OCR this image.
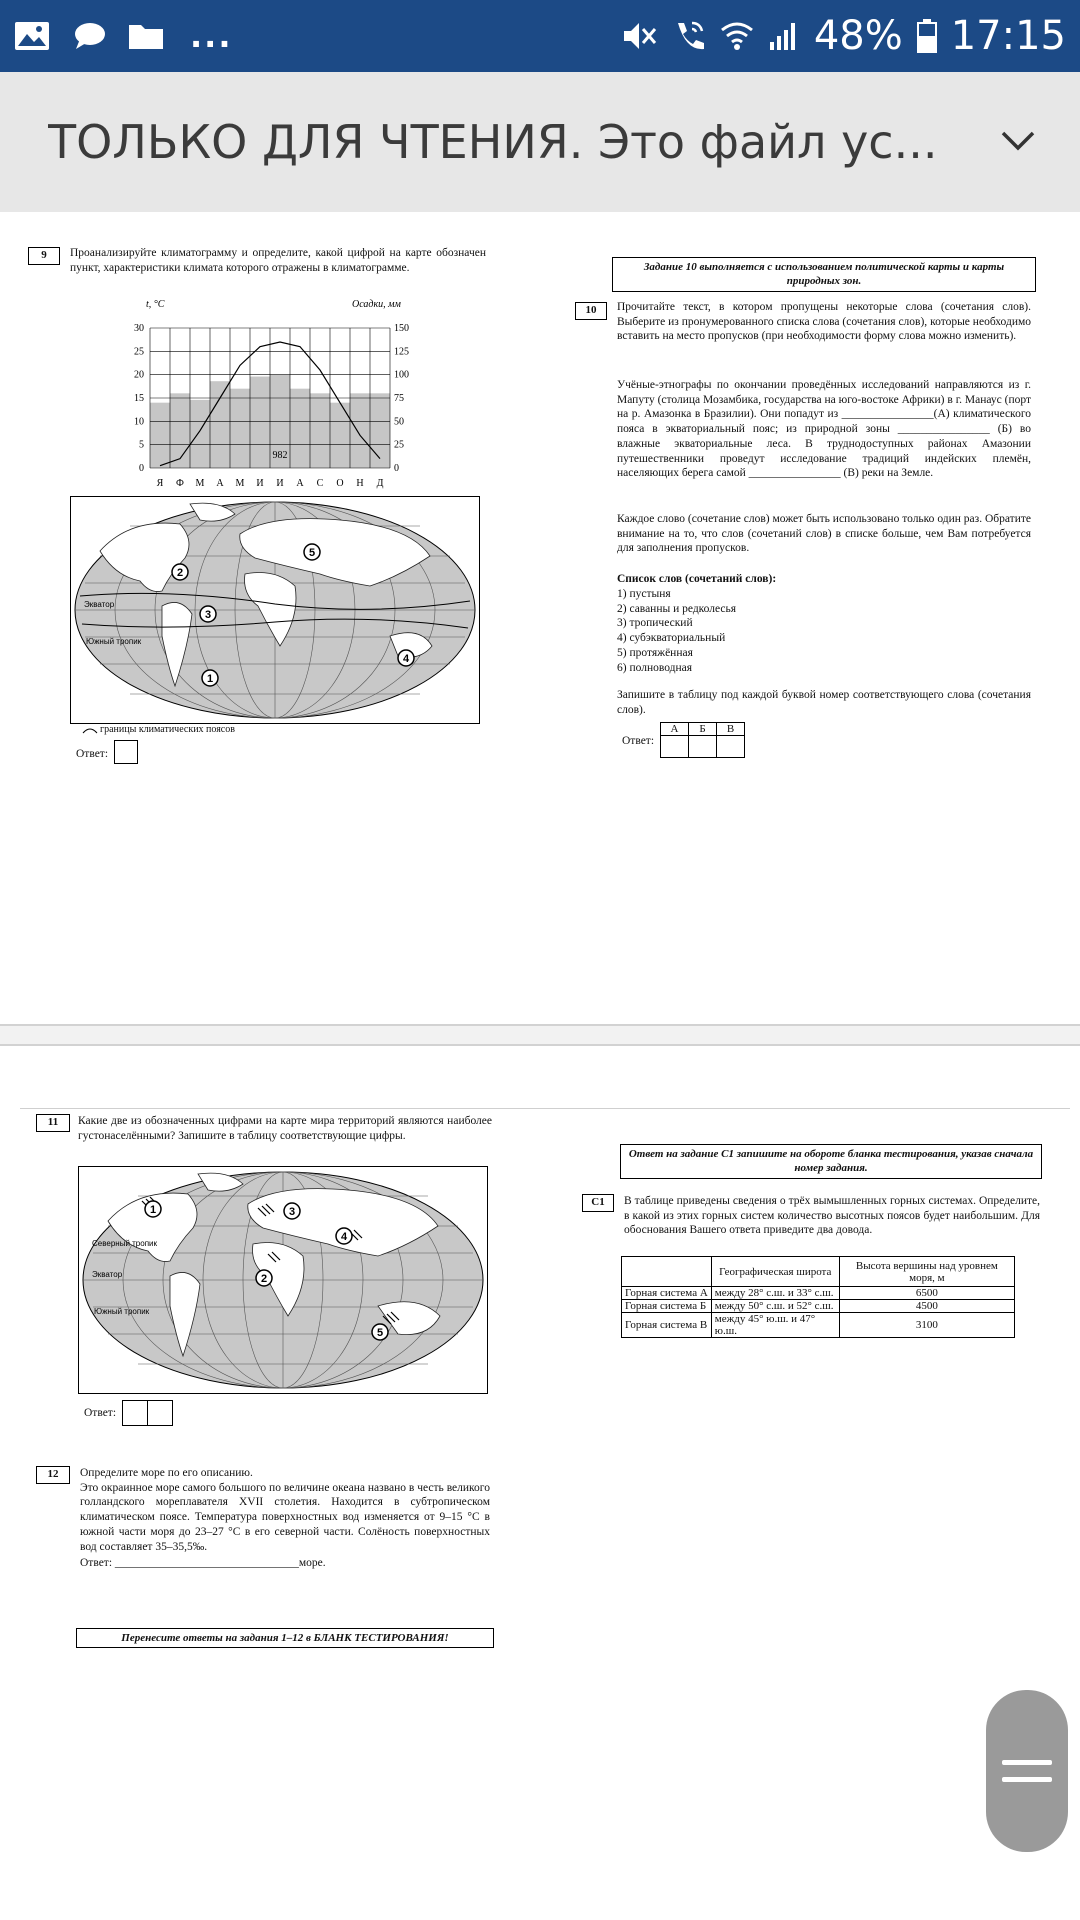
...	48% 17:15
ТОЛЬКО ДЛЯ ЧТЕНИЯ. Это файл ус...
9	Проанализируйте климатограмму и определите, какой цифрой на карте обозначен пункт, характеристики климата которого отражены в климатограмме.
t, °C	Осадки, мм
30
25
20
15
10
5
0
150
125
100
75
50
25
0
Я Ф М А М И И А С О Н Д
982
Экватор
Южный тропик
1
2
3
4
5
границы климатических поясов
Ответ:
Задание 10 выполняется с использованием политической карты и карты природных зон.
10	Прочитайте текст, в котором пропущены некоторые слова (сочетания слов). Выберите из пронумерованного списка слова (сочетания слов), которые необходимо вставить на место пропусков (при необходимости форму слова можно изменить).
Учёные-этнографы по окончании проведённых исследований направляются из г. Мапуту (столица Мозамбика, государства на юго-востоке Африки) в г. Манаус (порт на р. Амазонка в Бразилии). Они попадут из ________________(А) климатического пояса в экваториальный пояс; из природной зоны ________________ (Б) во влажные экваториальные леса. В труднодоступных районах Амазонии путешественники проведут исследование традиций индейских племён, населяющих берега самой ________________ (В) реки на Земле.
Каждое слово (сочетание слов) может быть использовано только один раз. Обратите внимание на то, что слов (сочетаний слов) в списке больше, чем Вам потребуется для заполнения пропусков.
Список слов (сочетаний слов):
1) пустыня
2) саванны и редколесья
3) тропический
4) субэкваториальный
5) протяжённая
6) полноводная
Запишите в таблицу под каждой буквой номер соответствующего слова (сочетания слов).
Ответ:
А	Б	В

11	Какие две из обозначенных цифрами на карте мира территорий являются наиболее густонаселёнными? Запишите в таблицу соответствующие цифры.
Северный тропик
Экватор
Южный тропик
1
2
3
4
5
Ответ:
12	Определите море по его описанию.
Это окраинное море самого большого по величине океана названо в честь великого голландского мореплавателя XVII столетия. Находится в субтропическом климатическом поясе. Температура поверхностных вод изменяется от 9–15 °С в южной части моря до 23–27 °С в его северной части. Солёность поверхностных вод составляет 35–35,5‰.
Ответ: ________________________________море.
Перенесите ответы на задания 1–12 в БЛАНК ТЕСТИРОВАНИЯ!
Ответ на задание С1 запишите на обороте бланка тестирования, указав сначала номер задания.
С1	В таблице приведены сведения о трёх вымышленных горных системах. Определите, в какой из этих горных систем количество высотных поясов будет наибольшим. Для обоснования Вашего ответа приведите два довода.
	Географическая широта	Высота вершины над уровнем моря, м
Горная система А	между 28° с.ш. и 33° с.ш.	6500
Горная система Б	между 50° с.ш. и 52° с.ш.	4500
Горная система В	между 45° ю.ш. и 47° ю.ш.	3100
